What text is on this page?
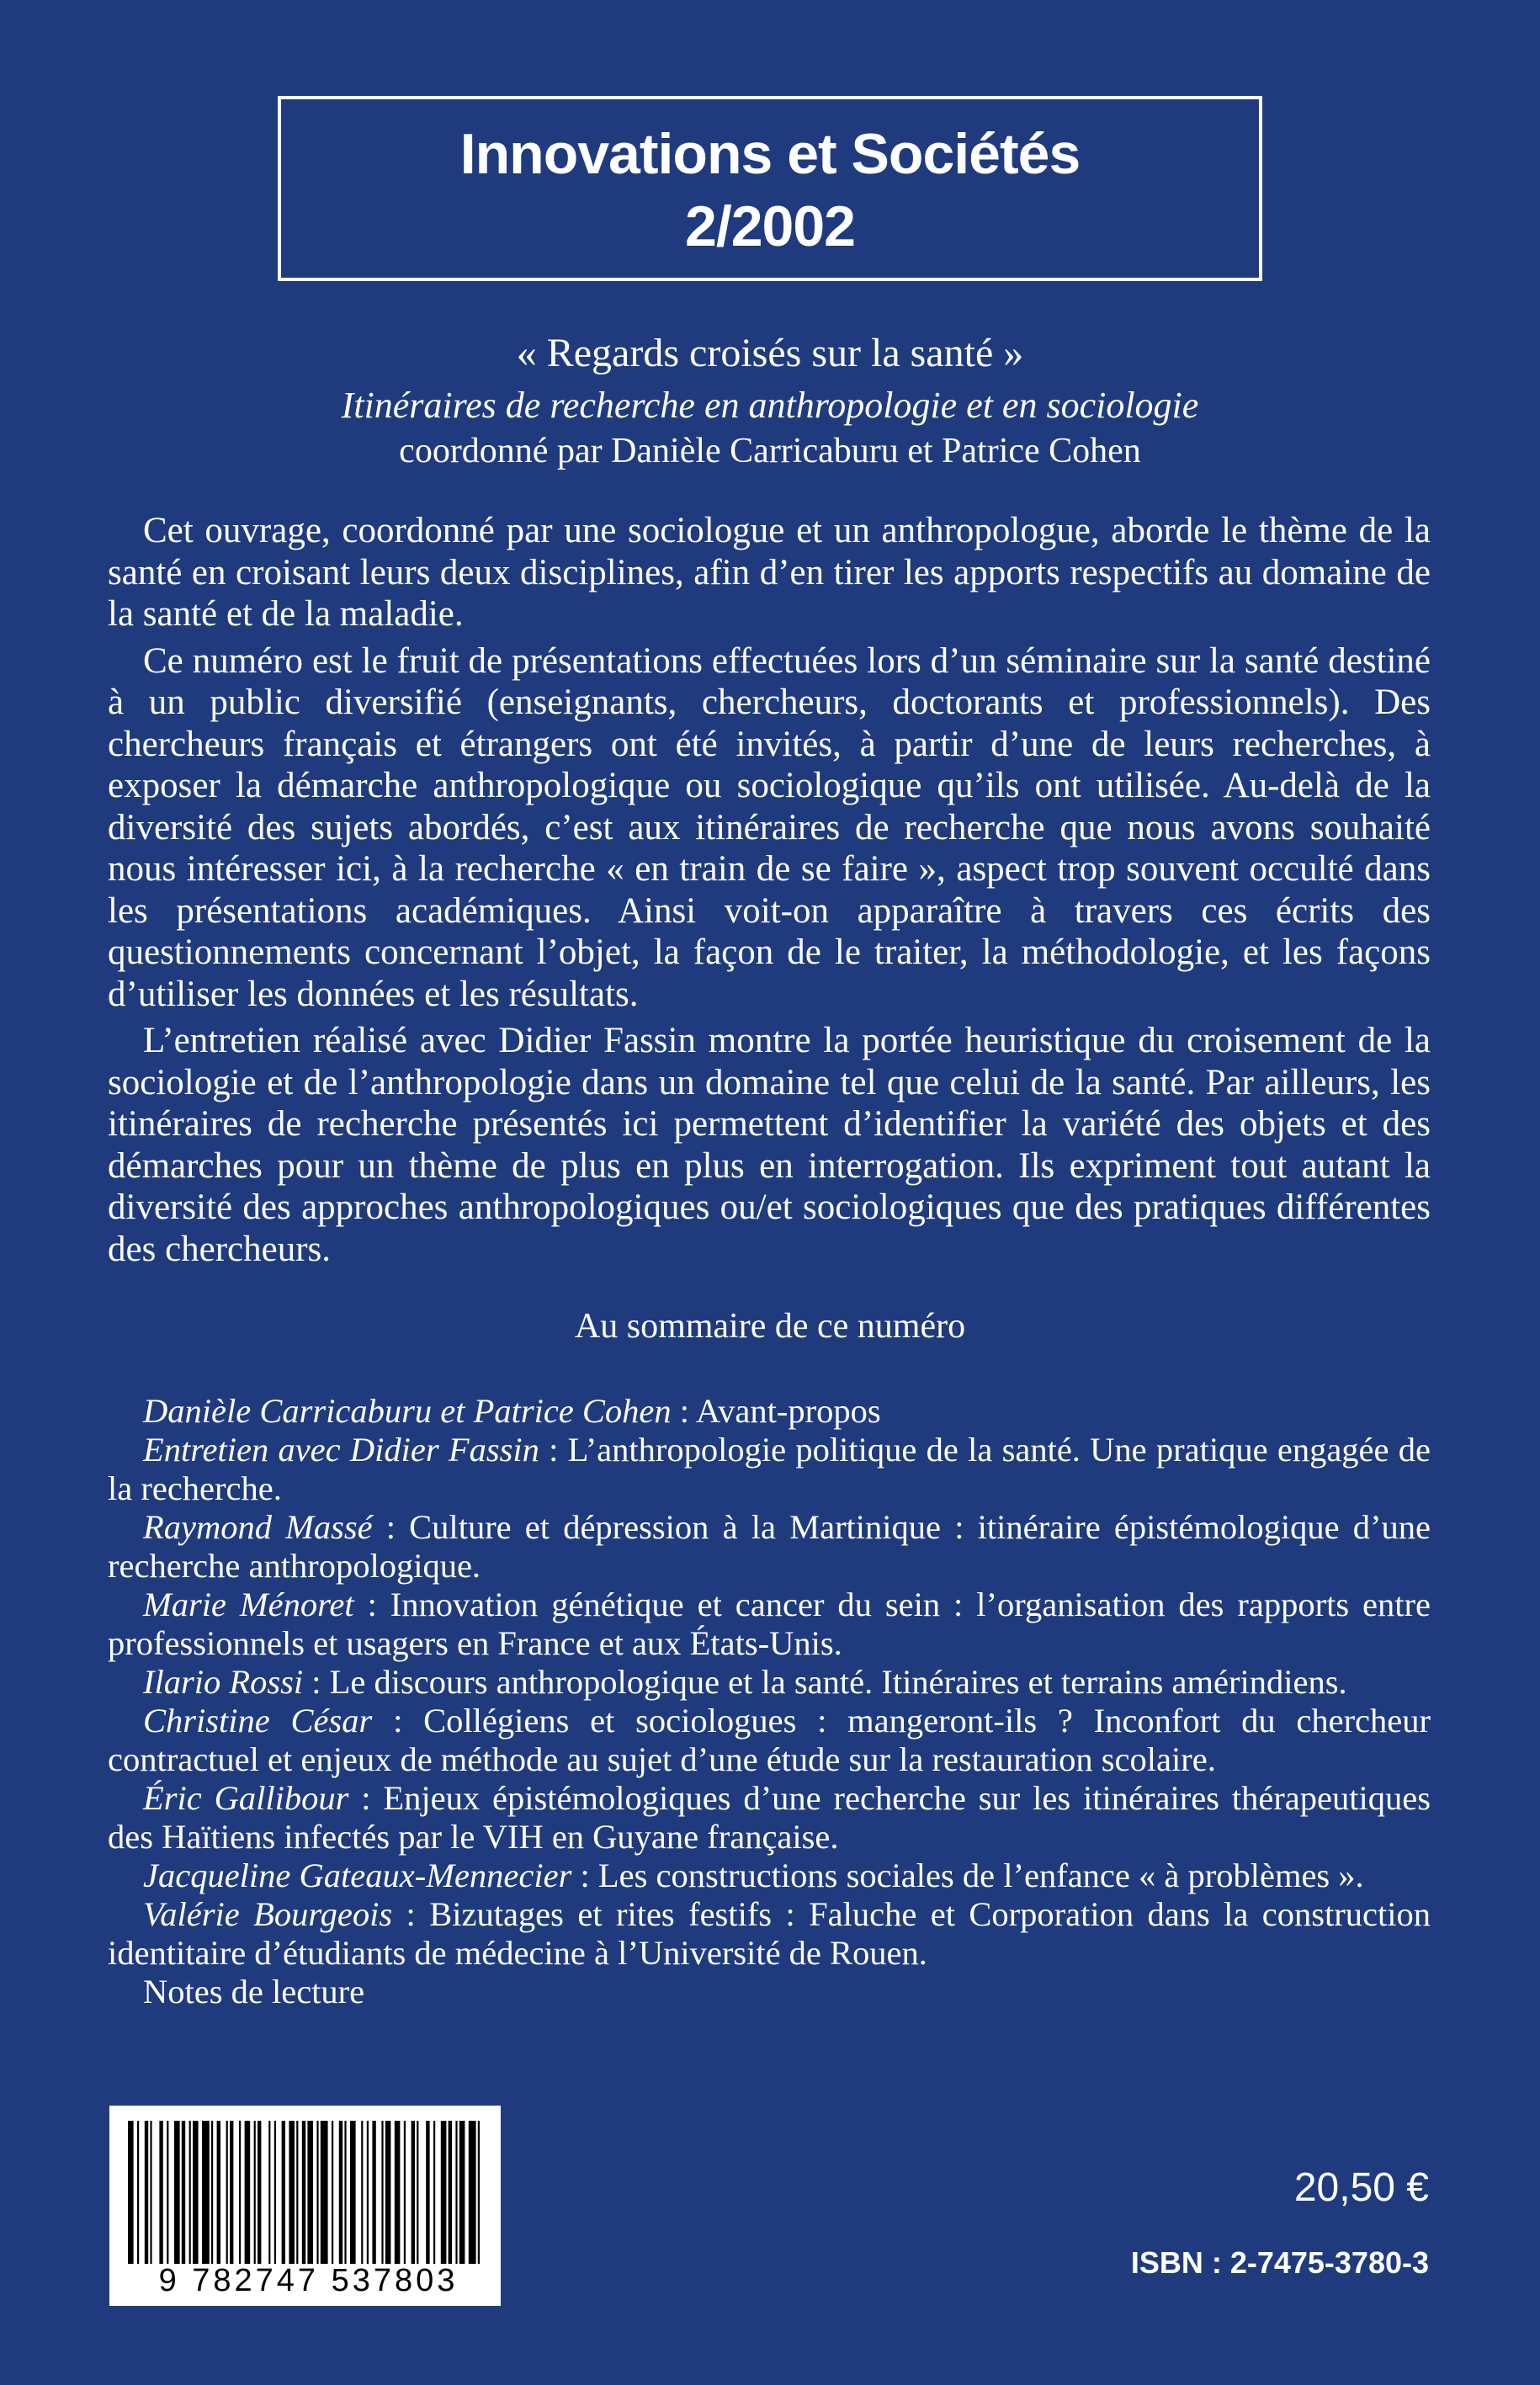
Innovations et Sociétés
2/2002
« Regards croisés sur la santé »
Itinéraires de recherche en anthropologie et en sociologie
coordonné par Danièle Carricaburu et Patrice Cohen

Cet ouvrage, coordonné par une sociologue et un anthropologue, aborde le thème de la santé en croisant leurs deux disciplines, afin d’en tirer les apports respectifs au domaine de la santé et de la maladie.

Ce numéro est le fruit de présentations effectuées lors d’un séminaire sur la santé destiné à un public diversifié (enseignants, chercheurs, doctorants et professionnels). Des chercheurs français et étrangers ont été invités, à partir d’une de leurs recherches, à exposer la démarche anthropologique ou sociologique qu’ils ont utilisée. Au-delà de la diversité des sujets abordés, c’est aux itinéraires de recherche que nous avons souhaité nous intéresser ici, à la recherche « en train de se faire », aspect trop souvent occulté dans les présentations académiques. Ainsi voit-on apparaître à travers ces écrits des questionnements concernant l’objet, la façon de le traiter, la méthodologie, et les façons d’utiliser les données et les résultats.

L’entretien réalisé avec Didier Fassin montre la portée heuristique du croisement de la sociologie et de l’anthropologie dans un domaine tel que celui de la santé. Par ailleurs, les itinéraires de recherche présentés ici permettent d’identifier la variété des objets et des démarches pour un thème de plus en plus en interrogation. Ils expriment tout autant la diversité des approches anthropologiques ou/et sociologiques que des pratiques différentes des chercheurs.

Au sommaire de ce numéro
Danièle Carricaburu et Patrice Cohen : Avant-propos
Entretien avec Didier Fassin : L’anthropologie politique de la santé. Une pratique engagée de la recherche.
Raymond Massé : Culture et dépression à la Martinique : itinéraire épistémologique d’une recherche anthropologique.
Marie Ménoret : Innovation génétique et cancer du sein : l’organisation des rapports entre professionnels et usagers en France et aux États-Unis.
Ilario Rossi : Le discours anthropologique et la santé. Itinéraires et terrains amérindiens.
Christine César : Collégiens et sociologues : mangeront-ils ? Inconfort du chercheur contractuel et enjeux de méthode au sujet d’une étude sur la restauration scolaire.
Éric Gallibour : Enjeux épistémologiques d’une recherche sur les itinéraires thérapeutiques des Haïtiens infectés par le VIH en Guyane française.
Jacqueline Gateaux-Mennecier : Les constructions sociales de l’enfance « à problèmes ».
Valérie Bourgeois : Bizutages et rites festifs : Faluche et Corporation dans la construction identitaire d’étudiants de médecine à l’Université de Rouen.
Notes de lecture
9 782747 537803
20,50 €
ISBN : 2-7475-3780-3
